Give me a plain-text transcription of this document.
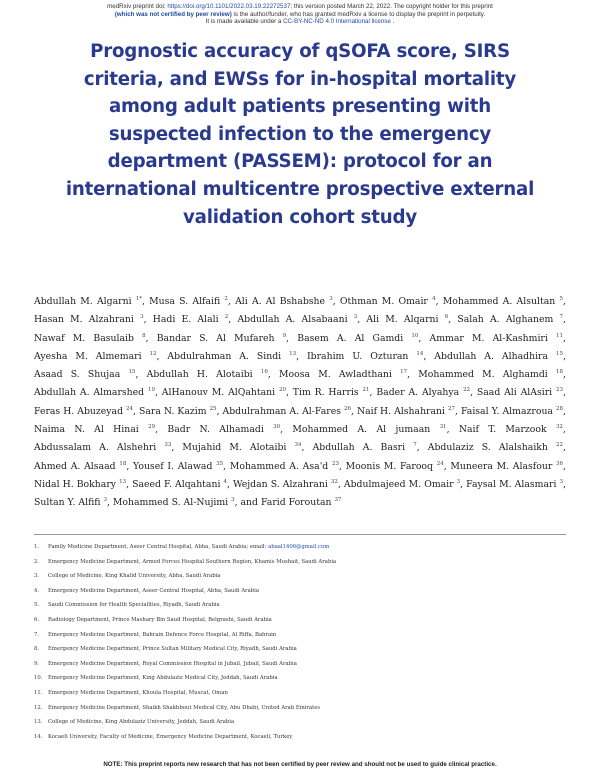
medRxiv preprint doi: https://doi.org/10.1101/2022.03.19.22272537; this version posted March 22, 2022. The copyright holder for this preprint
(which was not certified by peer review) is the author/funder, who has granted medRxiv a license to display the preprint in perpetuity.
It is made available under a CC-BY-NC-ND 4.0 International license .
Prognostic accuracy of qSOFA score, SIRS
criteria, and EWSs for in-hospital mortality
among adult patients presenting with
suspected infection to the emergency
department (PASSEM): protocol for an
international multicentre prospective external
validation cohort study
Abdullah M. Algarni $^{1*}$, Musa S. Alfaifi $^2$, Ali A. Al Bshabshe $^3$, Othman M. Omair $^4$, Mohammed A. Alsultan $^5$, Hasan M. Alzahrani $^3$, Hadi E. Alali $^2$, Abdullah A. Alsabaani $^3$, Ali M. Alqarni $^6$, Salah A. Alghanem $^7$, Nawaf M. Basulaib $^8$, Bandar S. Al Mufareh $^9$, Basem A. Al Gamdi $^{10}$, Ammar M. Al-Kashmiri $^{11}$, Ayesha M. Almemari $^{12}$, Abdulrahman A. Sindi $^{13}$, Ibrahim U. Ozturan $^{14}$, Abdullah A. Alhadhira $^{15}$, Asaad S. Shujaa $^{15}$, Abdullah H. Alotaibi $^{16}$, Moosa M. Awladthani $^{17}$, Mohammed M. Alghamdi $^{18}$, Abdullah A. Almarshed $^{19}$, AlHanouv M. AlQahtani $^{20}$, Tim R. Harris $^{21}$, Bader A. Alyahya $^{22}$, Saad Ali AlAsiri $^{23}$, Feras H. Abuzeyad $^{24}$, Sara N. Kazim $^{25}$, Abdulrahman A. Al-Fares $^{26}$, Naif H. Alshahrani $^{27}$, Faisal Y. Almazroua $^{28}$, Naima N. Al Hinai $^{29}$, Badr N. Alhamadi $^{30}$, Mohammed A. Al jumaan $^{31}$, Naif T. Marzook $^{32}$, Abdussalam A. Alshehri $^{33}$, Mujahid M. Alotaibi $^{34}$, Abdullah A. Basri $^7$, Abdulaziz S. Alalshaikh $^{22}$, Ahmed A. Alsaad $^{18}$, Yousef I. Alawad $^{35}$, Mohammed A. Asa'd $^{23}$, Moonis M. Farooq $^{24}$, Muneera M. Alasfour $^{36}$, Nidal H. Bokhary $^{13}$, Saeed F. Alqahtani $^4$, Wejdan S. Alzahrani $^{32}$, Abdulmajeed M. Omair $^3$, Faysal M. Alasmari $^3$, Sultan Y. Alfifi $^3$, Mohammed S. Al-Nujimi $^3$, and Farid Foroutan $^{37}$
1. Family Medicine Department, Aseer Central Hospital, Abha, Saudi Arabia; email: abaal1406@gmail.com
2. Emergency Medicine Department, Armed Forces Hospital Southern Region, Khamis Mushait, Saudi Arabia
3. College of Medicine, King Khalid University, Abha, Saudi Arabia
4. Emergency Medicine Department, Aseer Central Hospital, Abha, Saudi Arabia
5. Saudi Commission for Health Specialities, Riyadh, Saudi Arabia
6. Radiology Department, Prince Mashary Bin Saud Hospital, Belgrashi, Saudi Arabia
7. Emergency Medicine Department, Bahrain Defence Force Hospital, Al Riffa, Bahrain
8. Emergency Medicine Department, Prince Sultan Military Medical City, Riyadh, Saudi Arabia
9. Emergency Medicine Department, Royal Commission Hospital in Jubail, Jubail, Saudi Arabia
10. Emergency Medicine Department, King Abdulaziz Medical City, Jeddah, Saudi Arabia
11. Emergency Medicine Department, Khoula Hospital, Muscat, Oman
12. Emergency Medicine Department, Shaikh Shakhbout Medical City, Abu Dhabi, United Arab Emirates
13. College of Medicine, King Abdulaziz University, Jeddah, Saudi Arabia
14. Kocaeli University, Faculty of Medicine, Emergency Medicine Department, Kocaeli, Turkey
NOTE: This preprint reports new research that has not been certified by peer review and should not be used to guide clinical practice.
